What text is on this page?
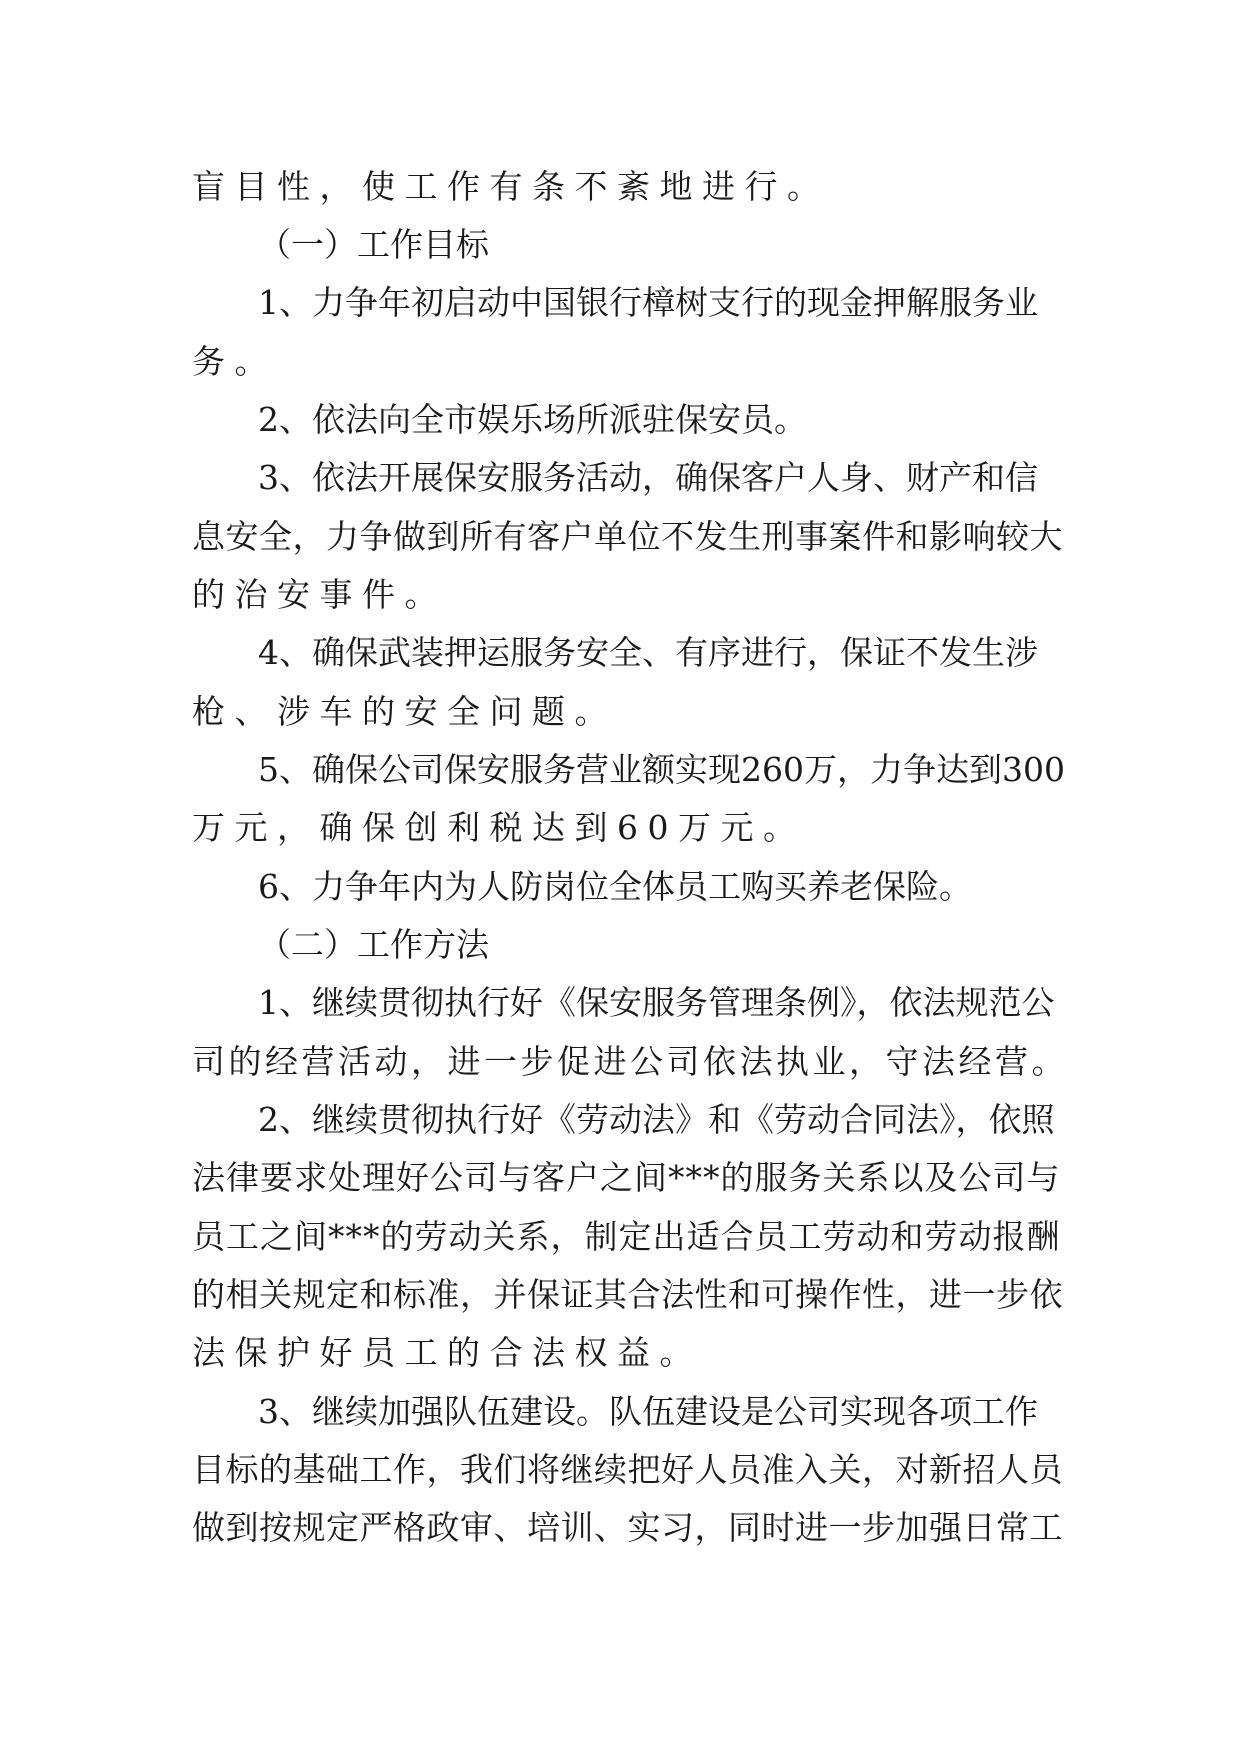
盲目性，使工作有条不紊地进行。
（一）工作目标
1、力争年初启动中国银行樟树支行的现金押解服务业
务。
2、依法向全市娱乐场所派驻保安员。
3、依法开展保安服务活动，确保客户人身、财产和信
息安全，力争做到所有客户单位不发生刑事案件和影响较大
的治安事件。
4、确保武装押运服务安全、有序进行，保证不发生涉
枪、涉车的安全问题。
5、确保公司保安服务营业额实现260万，力争达到300
万元，确保创利税达到60万元。
6、力争年内为人防岗位全体员工购买养老保险。
（二）工作方法
1、继续贯彻执行好《保安服务管理条例》，依法规范公
司的经营活动，进一步促进公司依法执业，守法经营。
2、继续贯彻执行好《劳动法》和《劳动合同法》，依照
法律要求处理好公司与客户之间***的服务关系以及公司与
员工之间***的劳动关系，制定出适合员工劳动和劳动报酬
的相关规定和标准，并保证其合法性和可操作性，进一步依
法保护好员工的合法权益。
3、继续加强队伍建设。队伍建设是公司实现各项工作
目标的基础工作，我们将继续把好人员准入关，对新招人员
做到按规定严格政审、培训、实习，同时进一步加强日常工
